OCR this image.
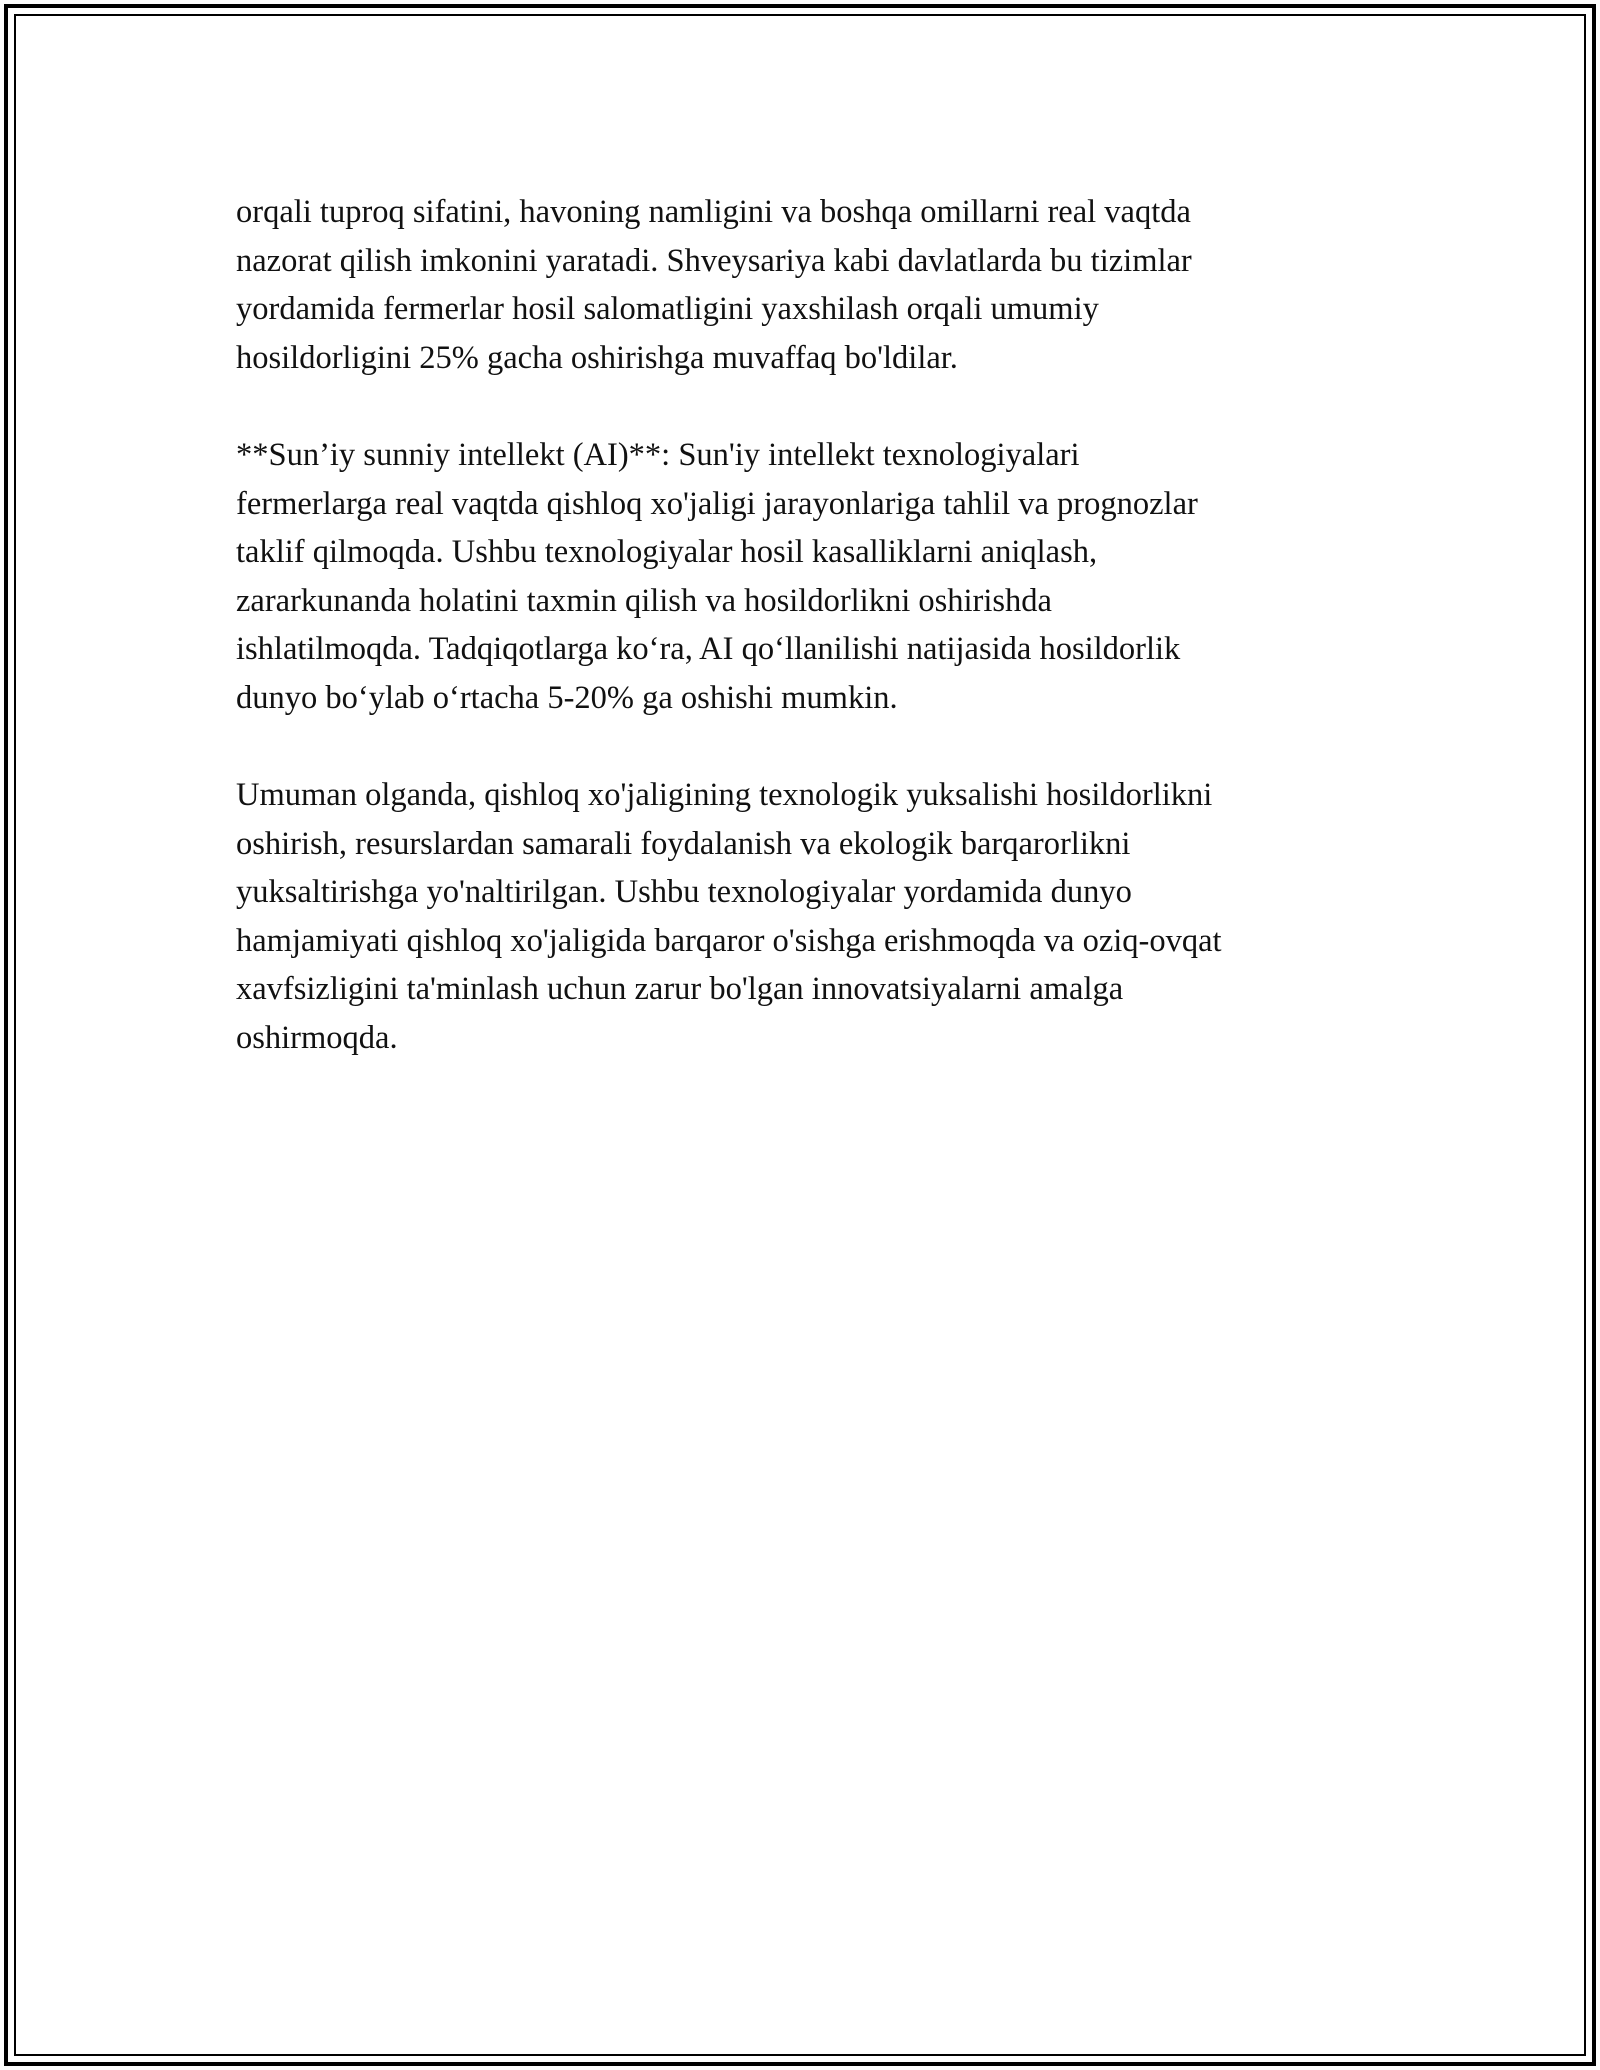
orqali tuproq sifatini, havoning namligini va boshqa omillarni real vaqtda
nazorat qilish imkonini yaratadi. Shveysariya kabi davlatlarda bu tizimlar
yordamida fermerlar hosil salomatligini yaxshilash orqali umumiy
hosildorligini 25% gacha oshirishga muvaffaq bo'ldilar.

**Sun’iy sunniy intellekt (AI)**: Sun'iy intellekt texnologiyalari
fermerlarga real vaqtda qishloq xo'jaligi jarayonlariga tahlil va prognozlar
taklif qilmoqda. Ushbu texnologiyalar hosil kasalliklarni aniqlash,
zararkunanda holatini taxmin qilish va hosildorlikni oshirishda
ishlatilmoqda. Tadqiqotlarga koʻra, AI qoʻllanilishi natijasida hosildorlik
dunyo boʻylab oʻrtacha 5-20% ga oshishi mumkin.

Umuman olganda, qishloq xo'jaligining texnologik yuksalishi hosildorlikni
oshirish, resurslardan samarali foydalanish va ekologik barqarorlikni
yuksaltirishga yo'naltirilgan. Ushbu texnologiyalar yordamida dunyo
hamjamiyati qishloq xo'jaligida barqaror o'sishga erishmoqda va oziq-ovqat
xavfsizligini ta'minlash uchun zarur bo'lgan innovatsiyalarni amalga
oshirmoqda.
